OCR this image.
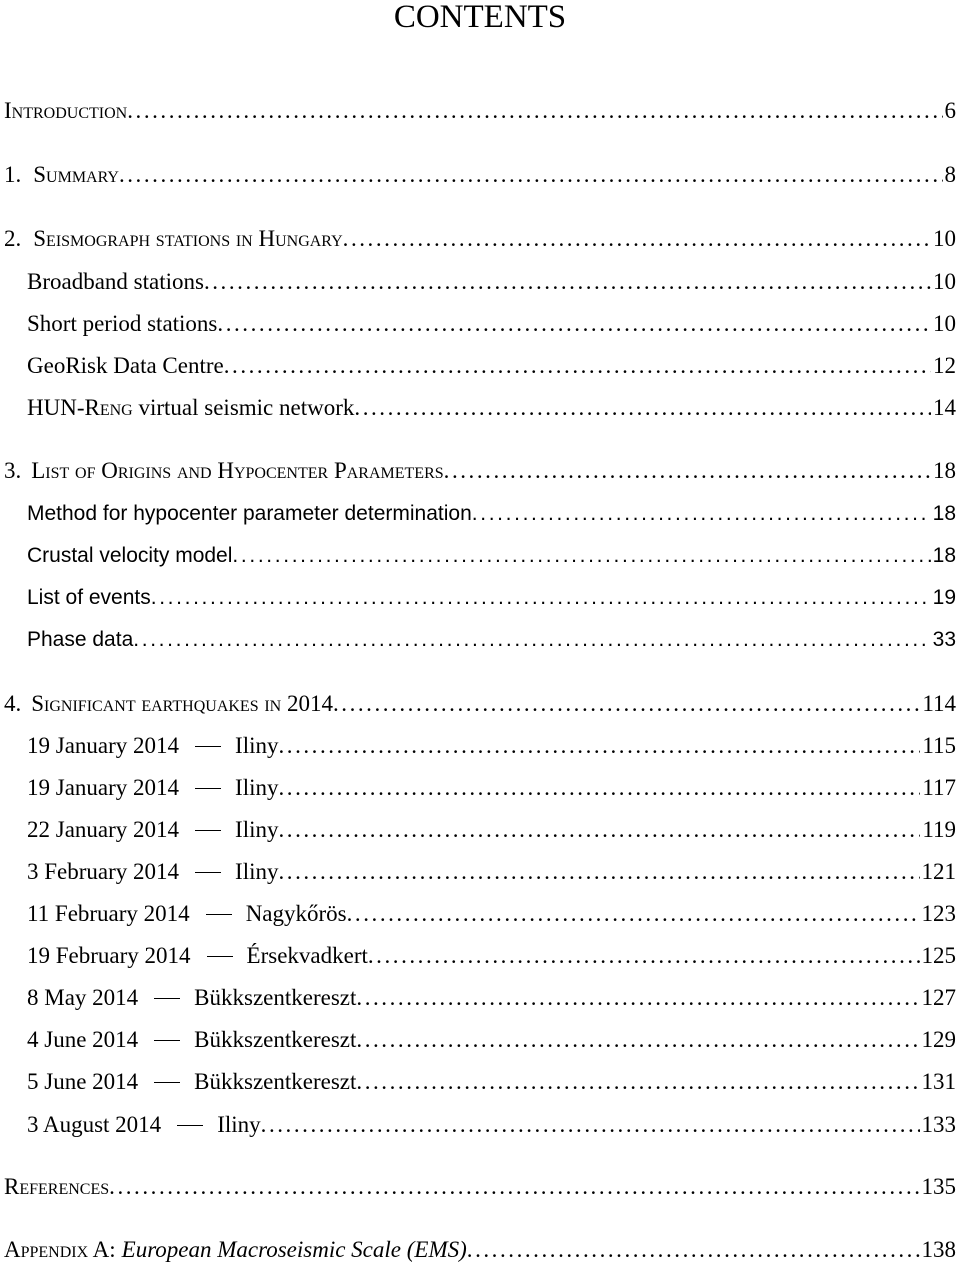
CONTENTS
Introduction . . .	6
1. Summary . . .	8
2. Seismograph stations in Hungary . . .	10
Broadband stations . . .	10
Short period stations . . .	10
GeoRisk Data Centre . . .	12
HUN-Reng virtual seismic network . . .	14
3. List of Origins and Hypocenter Parameters . . .	18
Method for hypocenter parameter determination . . .	18
Crustal velocity model . . .	18
List of events . . .	19
Phase data . . .	33
4. Significant earthquakes in 2014 . . .	114
19 January 2014 Iliny . . .	115
19 January 2014 Iliny . . .	117
22 January 2014 Iliny . . .	119
3 February 2014 Iliny . . .	121
11 February 2014 Nagykőrös . . .	123
19 February 2014 Érsekvadkert . . .	125
8 May 2014 Bükkszentkereszt . . .	127
4 June 2014 Bükkszentkereszt . . .	129
5 June 2014 Bükkszentkereszt . . .	131
3 August 2014 Iliny . . .	133
References . . .	135
Appendix A: European Macroseismic Scale (EMS) . . .	138
